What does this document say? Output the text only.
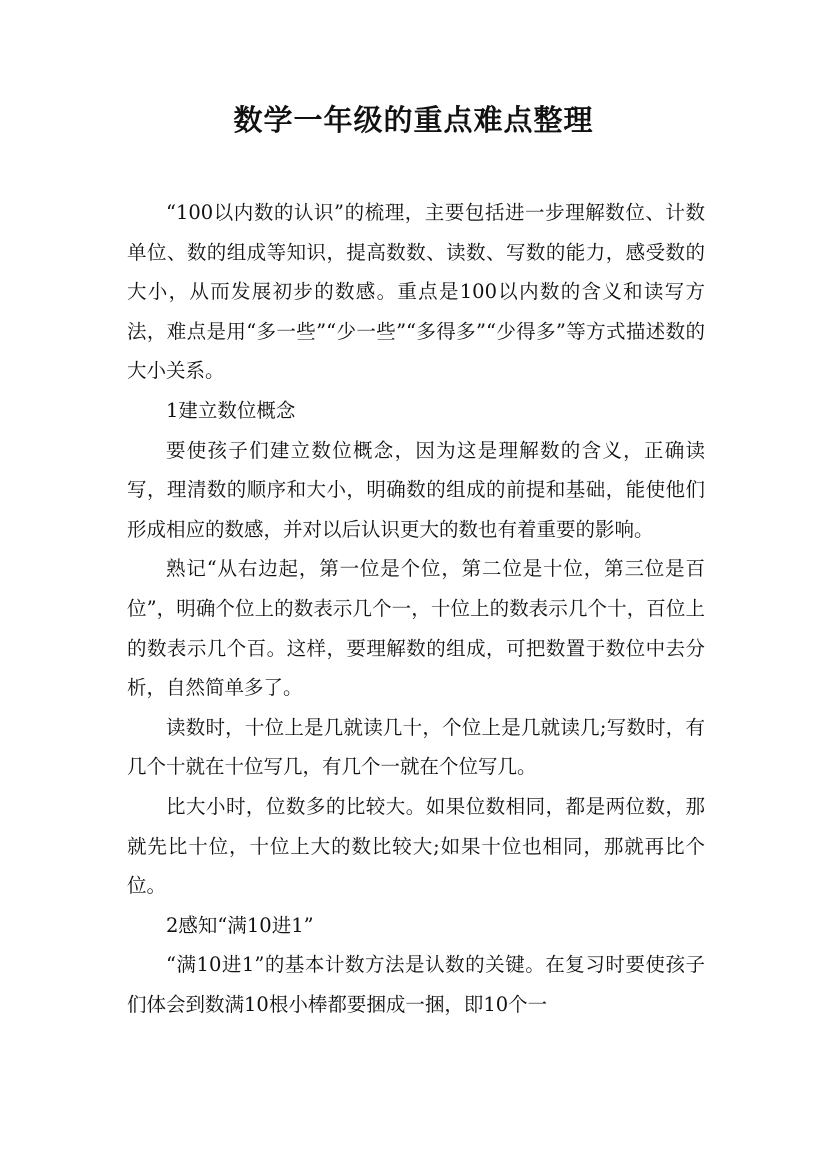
数学一年级的重点难点整理

“100以内数的认识”的梳理，主要包括进一步理解数位、计数单位、数的组成等知识，提高数数、读数、写数的能力，感受数的大小，从而发展初步的数感。重点是100以内数的含义和读写方法，难点是用“多一些”“少一些”“多得多”“少得多”等方式描述数的大小关系。

1建立数位概念

要使孩子们建立数位概念，因为这是理解数的含义，正确读写，理清数的顺序和大小，明确数的组成的前提和基础，能使他们形成相应的数感，并对以后认识更大的数也有着重要的影响。

熟记“从右边起，第一位是个位，第二位是十位，第三位是百位”，明确个位上的数表示几个一，十位上的数表示几个十，百位上的数表示几个百。这样，要理解数的组成，可把数置于数位中去分析，自然简单多了。

读数时，十位上是几就读几十，个位上是几就读几;写数时，有几个十就在十位写几，有几个一就在个位写几。

比大小时，位数多的比较大。如果位数相同，都是两位数，那就先比十位，十位上大的数比较大;如果十位也相同，那就再比个位。

2感知“满10进1”

“满10进1”的基本计数方法是认数的关键。在复习时要使孩子们体会到数满10根小棒都要捆成一捆，即10个一
